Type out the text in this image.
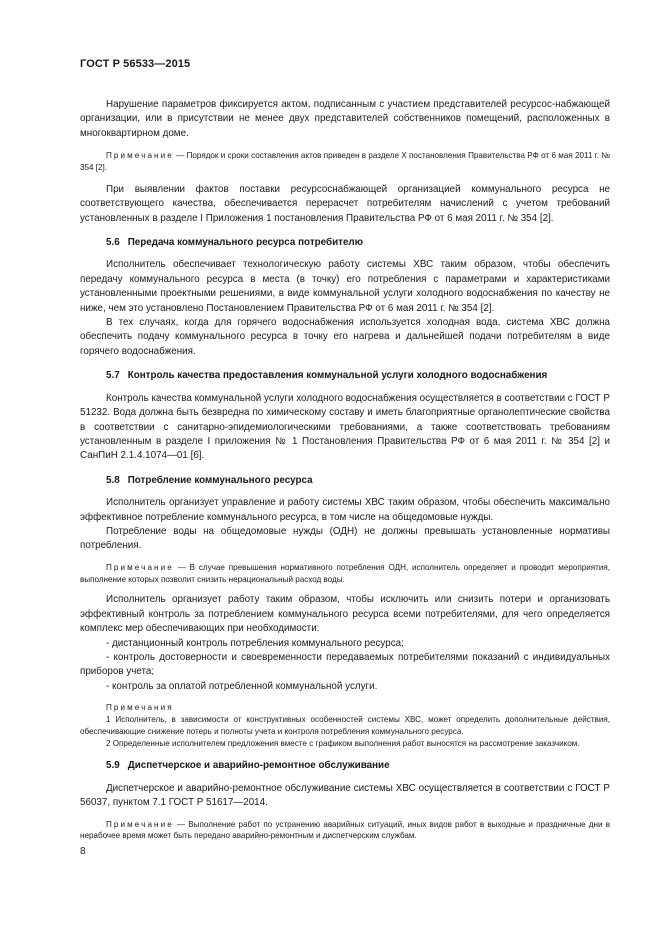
ГОСТ Р 56533—2015

Нарушение параметров фиксируется актом, подписанным с участием представителей ресурсос-набжающей организации, или в присутствии не менее двух представителей собственников помещений, расположенных в многоквартирном доме.

Примечание — Порядок и сроки составления актов приведен в разделе X постановления Правительства РФ от 6 мая 2011 г. № 354 [2].

При выявлении фактов поставки ресурсоснабжающей организацией коммунального ресурса не соответствующего качества, обеспечивается перерасчет потребителям начислений с учетом требований установленных в разделе I Приложения 1 постановления Правительства РФ от 6 мая 2011 г. № 354 [2].

5.6 Передача коммунального ресурса потребителю

Исполнитель обеспечивает технологическую работу системы ХВС таким образом, чтобы обеспечить передачу коммунального ресурса в места (в точку) его потребления с параметрами и характеристиками установленными проектными решениями, в виде коммунальной услуги холодного водоснабжения по качеству не ниже, чем это установлено Постановлением Правительства РФ от 6 мая 2011 г. № 354 [2].

В тех случаях, когда для горячего водоснабжения используется холодная вода, система ХВС должна обеспечить подачу коммунального ресурса в точку его нагрева и дальнейшей подачи потребителям в виде горячего водоснабжения.

5.7 Контроль качества предоставления коммунальной услуги холодного водоснабжения

Контроль качества коммунальной услуги холодного водоснабжения осуществляется в соответствии с ГОСТ Р 51232. Вода должна быть безвредна по химическому составу и иметь благоприятные органолептические свойства в соответствии с санитарно-эпидемиологическими требованиями, а также соответствовать требованиям установленным в разделе I приложения № 1 Постановления Правительства РФ от 6 мая 2011 г. № 354 [2] и СанПиН 2.1.4.1074—01 [6].

5.8 Потребление коммунального ресурса

Исполнитель организует управление и работу системы ХВС таким образом, чтобы обеспечить максимально эффективное потребление коммунального ресурса, в том числе на общедомовые нужды.

Потребление воды на общедомовые нужды (ОДН) не должны превышать установленные нормативы потребления.

Примечание — В случае превышения нормативного потребления ОДН, исполнитель определяет и проводит мероприятия, выполнение которых позволит снизить нерациональный расход воды.

Исполнитель организует работу таким образом, чтобы исключить или снизить потери и организовать эффективный контроль за потреблением коммунального ресурса всеми потребителями, для чего определяется комплекс мер обеспечивающих при необходимости:

- дистанционный контроль потребления коммунального ресурса;

- контроль достоверности и своевременности передаваемых потребителями показаний с индивидуальных приборов учета;

- контроль за оплатой потребленной коммунальной услуги.

Примечания

1 Исполнитель, в зависимости от конструктивных особенностей системы ХВС, может определить дополнительные действия, обеспечивающие снижение потерь и полноты учета и контроля потребления коммунального ресурса.

2 Определенные исполнителем предложения вместе с графиком выполнения работ выносятся на рассмотрение заказчиком.

5.9 Диспетчерское и аварийно-ремонтное обслуживание

Диспетчерское и аварийно-ремонтное обслуживание системы ХВС осуществляется в соответствии с ГОСТ Р 56037, пунктом 7.1 ГОСТ Р 51617—2014.

Примечание — Выполнение работ по устранению аварийных ситуаций, иных видов работ в выходные и праздничные дни в нерабочее время может быть передано аварийно-ремонтным и диспетчерским службам.

8
